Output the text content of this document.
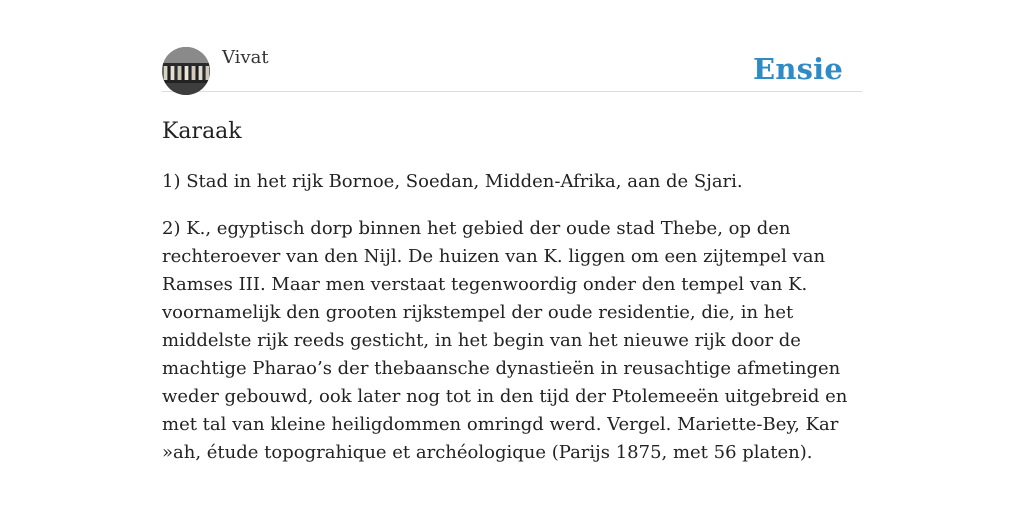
Vivat	Ensie
Karaak

1) Stad in het rijk Bornoe, Soedan, Midden-Afrika, aan de Sjari.

2) K., egyptisch dorp binnen het gebied der oude stad Thebe, op den rechteroever van den Nijl. De huizen van K. liggen om een zijtempel van Ramses III. Maar men verstaat tegenwoordig onder den tempel van K. voornamelijk den grooten rijkstempel der oude residentie, die, in het middelste rijk reeds gesticht, in het begin van het nieuwe rijk door de machtige Pharao’s der thebaansche dynastieën in reusachtige afmetingen weder gebouwd, ook later nog tot in den tijd der Ptolemeeën uitgebreid en met tal van kleine heiligdommen omringd werd. Vergel. Mariette-Bey, Kar »ah, étude topograhique et archéologique (Parijs 1875, met 56 platen).
